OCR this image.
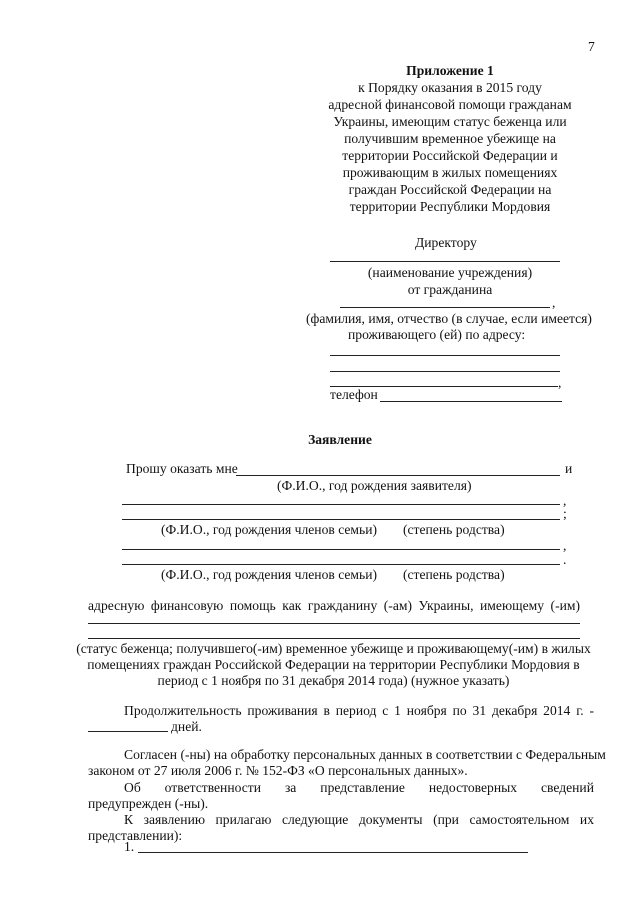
7
Приложение 1
к Порядку оказания в 2015 году
адресной финансовой помощи гражданам
Украины, имеющим статус беженца или
получившим временное убежище на
территории Российской Федерации и
проживающим в жилых помещениях
граждан Российской Федерации на
территории Республики Мордовия
Директору
(наименование учреждения)
от гражданина
,
(фамилия, имя, отчество (в случае, если имеется)
проживающего (ей) по адресу:
,
телефон
Заявление
Прошу оказать мне	и
(Ф.И.О., год рождения заявителя)
,
;
(Ф.И.О., год рождения членов семьи) (степень родства)
,
.
(Ф.И.О., год рождения членов семьи) (степень родства)
адресную финансовую помощь как гражданину (-ам) Украины, имеющему (-им)
(статус беженца; получившего(-им) временное убежище и проживающему(-им) в жилых
помещениях граждан Российской Федерации на территории Республики Мордовия в
период с 1 ноября по 31 декабря 2014 года) (нужное указать)
Продолжительность проживания в период с 1 ноября по 31 декабря 2014 г. -
дней.
Согласен (-ны) на обработку персональных данных в соответствии с Федеральным
законом от 27 июля 2006 г. № 152-ФЗ «О персональных данных».
Об ответственности за представление недостоверных сведений
предупрежден (-ны).
К заявлению прилагаю следующие документы (при самостоятельном их
представлении):
1.
